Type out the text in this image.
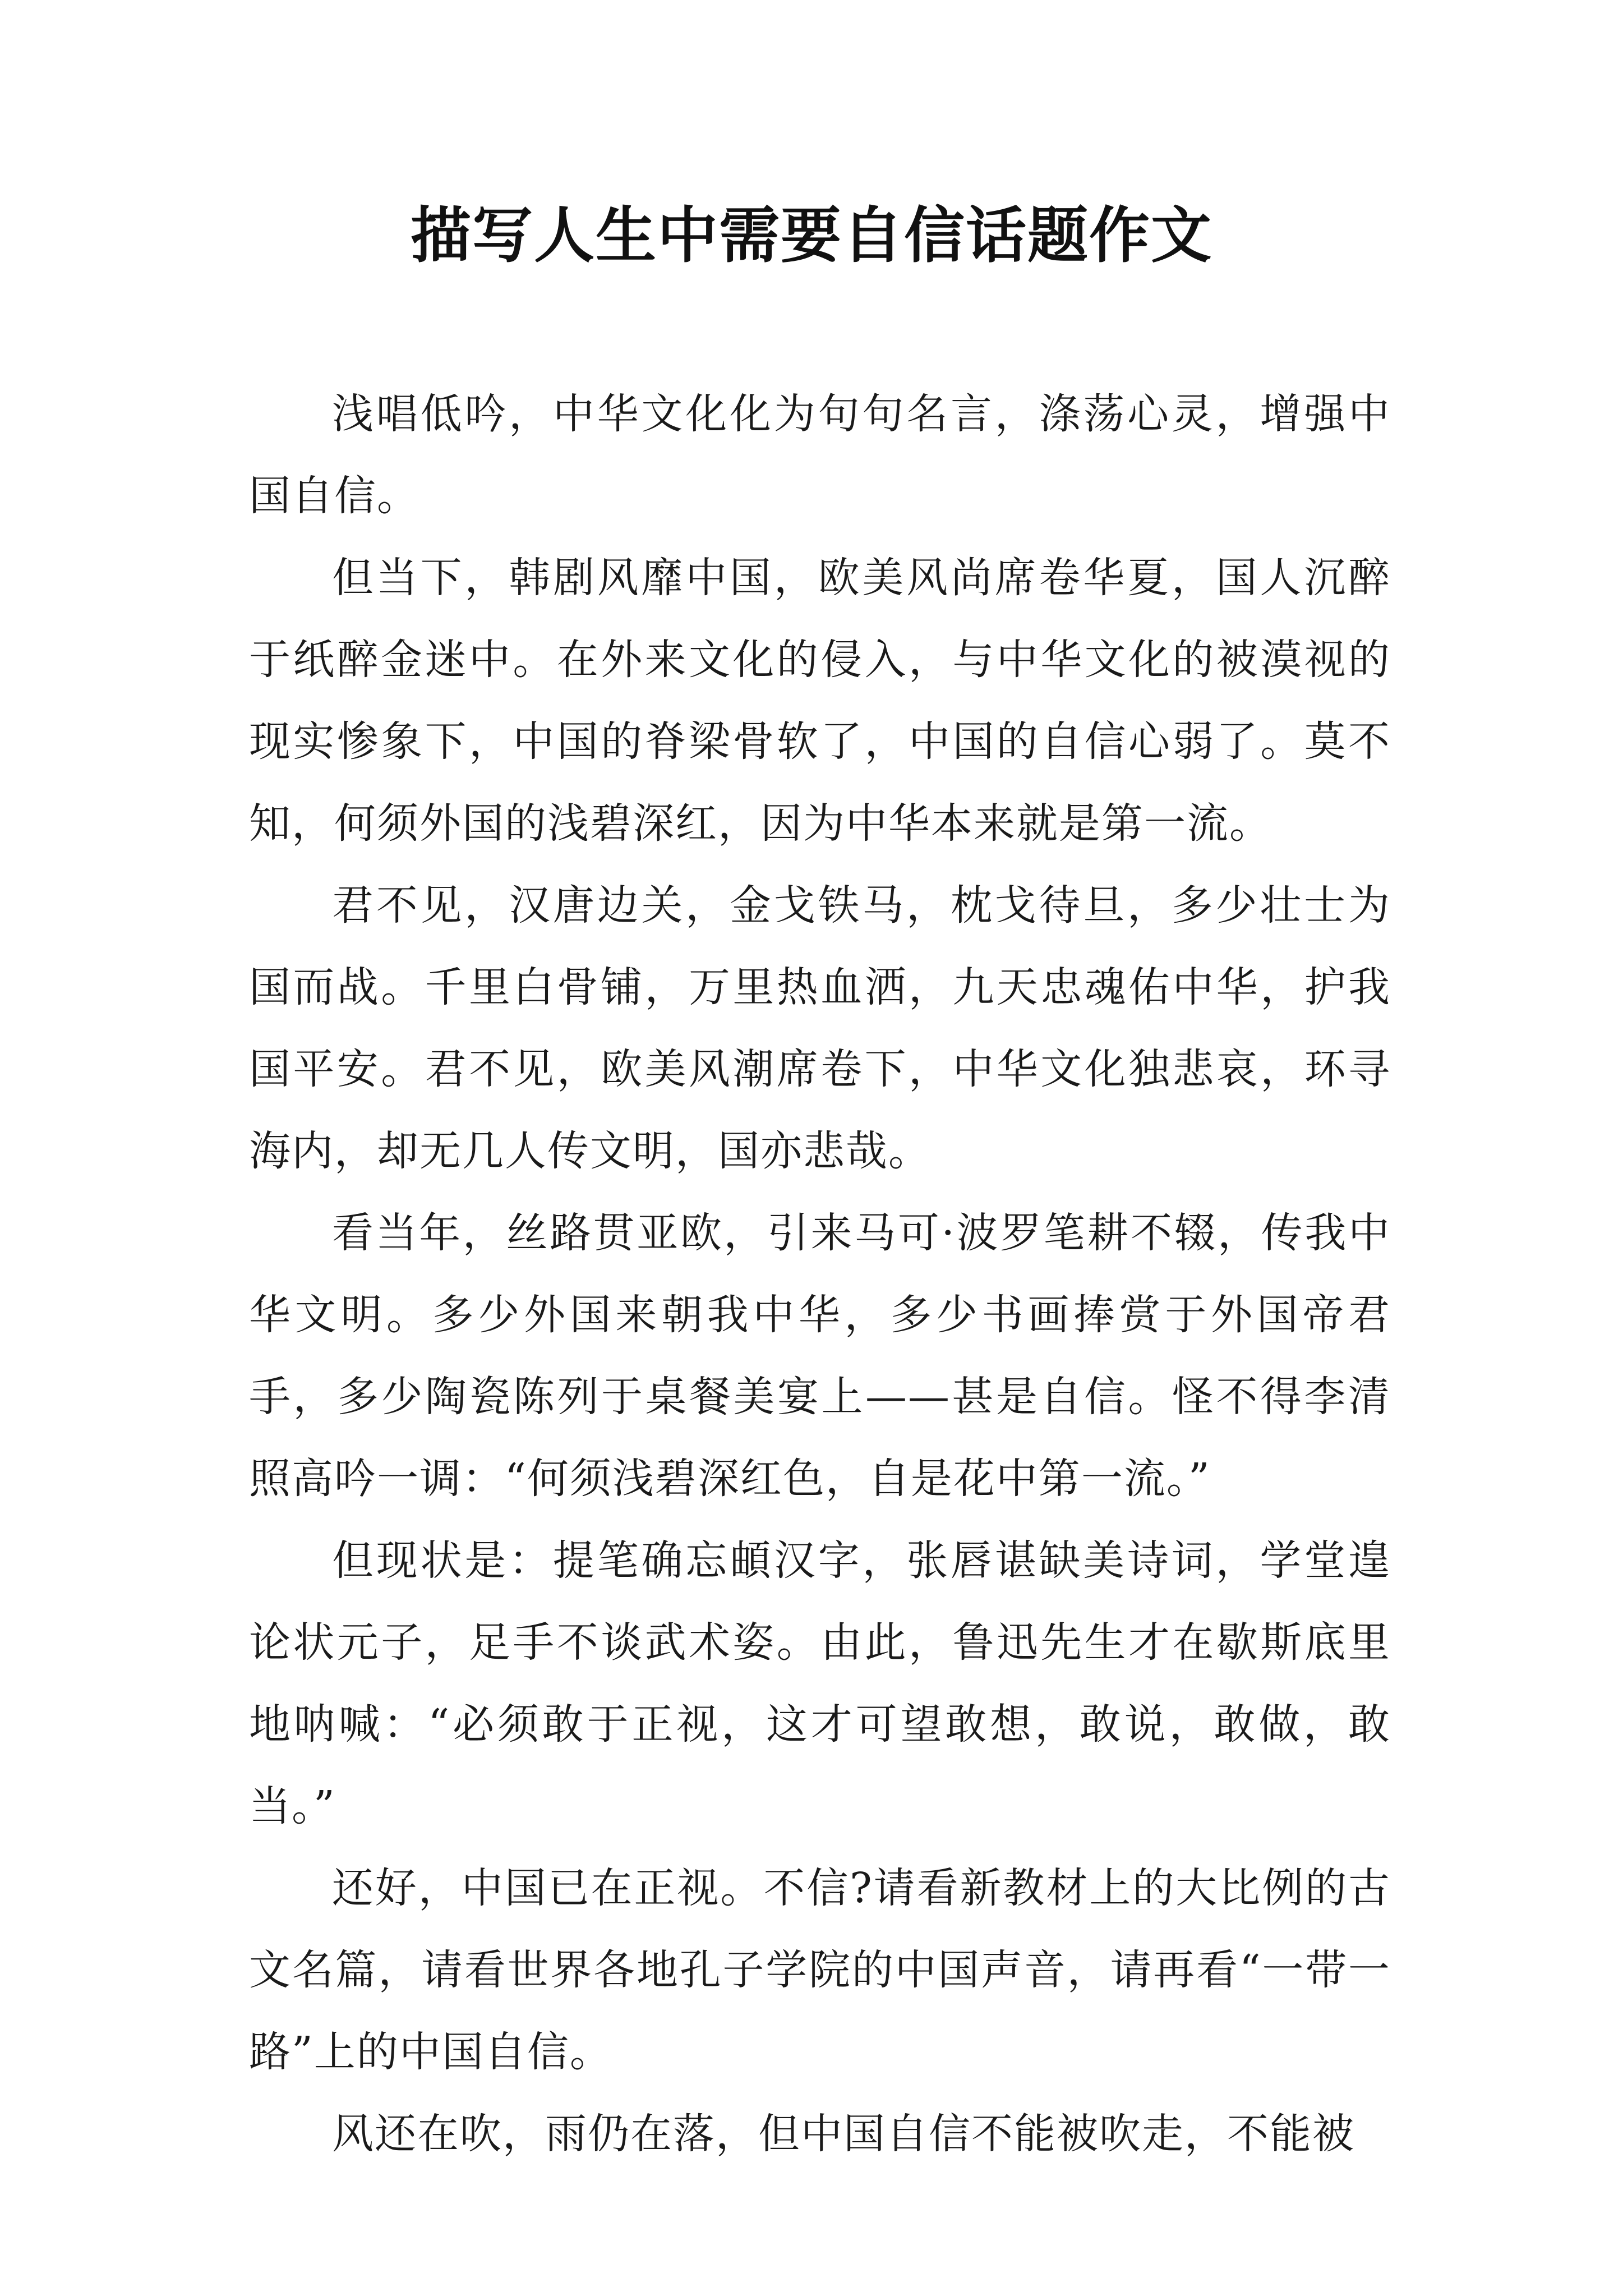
描写人生中需要自信话题作文

浅唱低吟，中华文化化为句句名言，涤荡心灵，增强中国自信。

但当下，韩剧风靡中国，欧美风尚席卷华夏，国人沉醉于纸醉金迷中。在外来文化的侵入，与中华文化的被漠视的现实惨象下，中国的脊梁骨软了，中国的自信心弱了。莫不知，何须外国的浅碧深红，因为中华本来就是第一流。

君不见，汉唐边关，金戈铁马，枕戈待旦，多少壮士为国而战。千里白骨铺，万里热血洒，九天忠魂佑中华，护我国平安。君不见，欧美风潮席卷下，中华文化独悲哀，环寻海内，却无几人传文明，国亦悲哉。

看当年，丝路贯亚欧，引来马可·波罗笔耕不辍，传我中华文明。多少外国来朝我中华，多少书画捧赏于外国帝君手，多少陶瓷陈列于桌餐美宴上——甚是自信。怪不得李清照高吟一调：“何须浅碧深红色，自是花中第一流。”

但现状是：提笔确忘頔汉字，张唇谌缺美诗词，学堂遑论状元子，足手不谈武术姿。由此，鲁迅先生才在歇斯底里地呐喊：“必须敢于正视，这才可望敢想，敢说，敢做，敢当。”

还好，中国已在正视。不信?请看新教材上的大比例的古文名篇，请看世界各地孔子学院的中国声音，请再看“一带一路”上的中国自信。

风还在吹，雨仍在落，但中国自信不能被吹走，不能被
